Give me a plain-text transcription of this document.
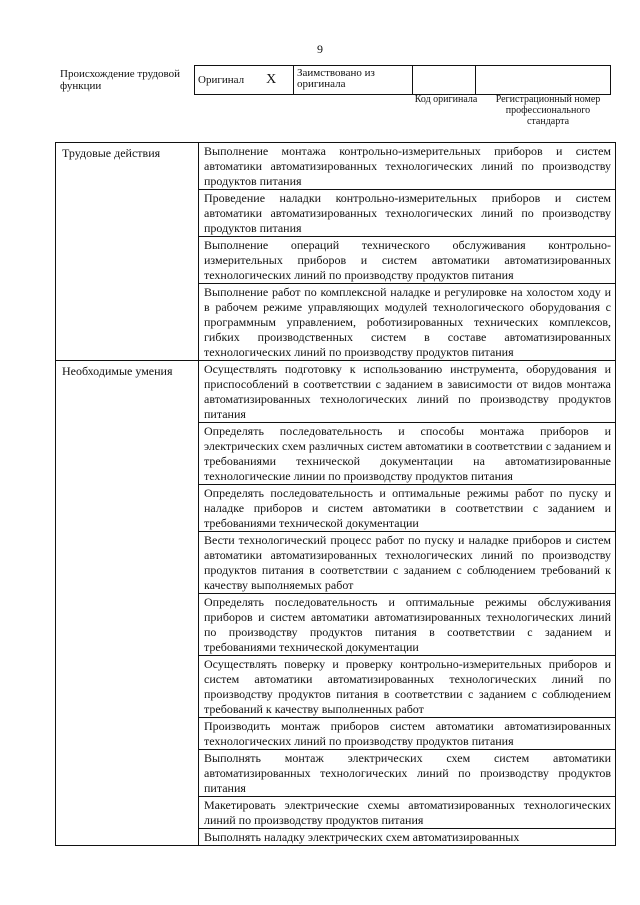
9
Происхождение трудовой функции	Оригинал X	Заимствовано из оригинала		
Код оригинала	Регистрационный номер профессионального стандарта
Трудовые действия	Выполнение монтажа контрольно-измерительных приборов и систем автоматики автоматизированных технологических линий по производству продуктов питания
	Проведение наладки контрольно-измерительных приборов и систем автоматики автоматизированных технологических линий по производству продуктов питания
	Выполнение операций технического обслуживания контрольно-измерительных приборов и систем автоматики автоматизированных технологических линий по производству продуктов питания
	Выполнение работ по комплексной наладке и регулировке на холостом ходу и в рабочем режиме управляющих модулей технологического оборудования с программным управлением, роботизированных технических комплексов, гибких производственных систем в составе автоматизированных технологических линий по производству продуктов питания
Необходимые умения	Осуществлять подготовку к использованию инструмента, оборудования и приспособлений в соответствии с заданием в зависимости от видов монтажа автоматизированных технологических линий по производству продуктов питания
	Определять последовательность и способы монтажа приборов и электрических схем различных систем автоматики в соответствии с заданием и требованиями технической документации на автоматизированные технологические линии по производству продуктов питания
	Определять последовательность и оптимальные режимы работ по пуску и наладке приборов и систем автоматики в соответствии с заданием и требованиями технической документации
	Вести технологический процесс работ по пуску и наладке приборов и систем автоматики автоматизированных технологических линий по производству продуктов питания в соответствии с заданием с соблюдением требований к качеству выполняемых работ
	Определять последовательность и оптимальные режимы обслуживания приборов и систем автоматики автоматизированных технологических линий по производству продуктов питания в соответствии с заданием и требованиями технической документации
	Осуществлять поверку и проверку контрольно-измерительных приборов и систем автоматики автоматизированных технологических линий по производству продуктов питания в соответствии с заданием с соблюдением требований к качеству выполненных работ
	Производить монтаж приборов систем автоматики автоматизированных технологических линий по производству продуктов питания
	Выполнять монтаж электрических схем систем автоматики автоматизированных технологических линий по производству продуктов питания
	Макетировать электрические схемы автоматизированных технологических линий по производству продуктов питания

	Выполнять наладку электрических схем автоматизированных
